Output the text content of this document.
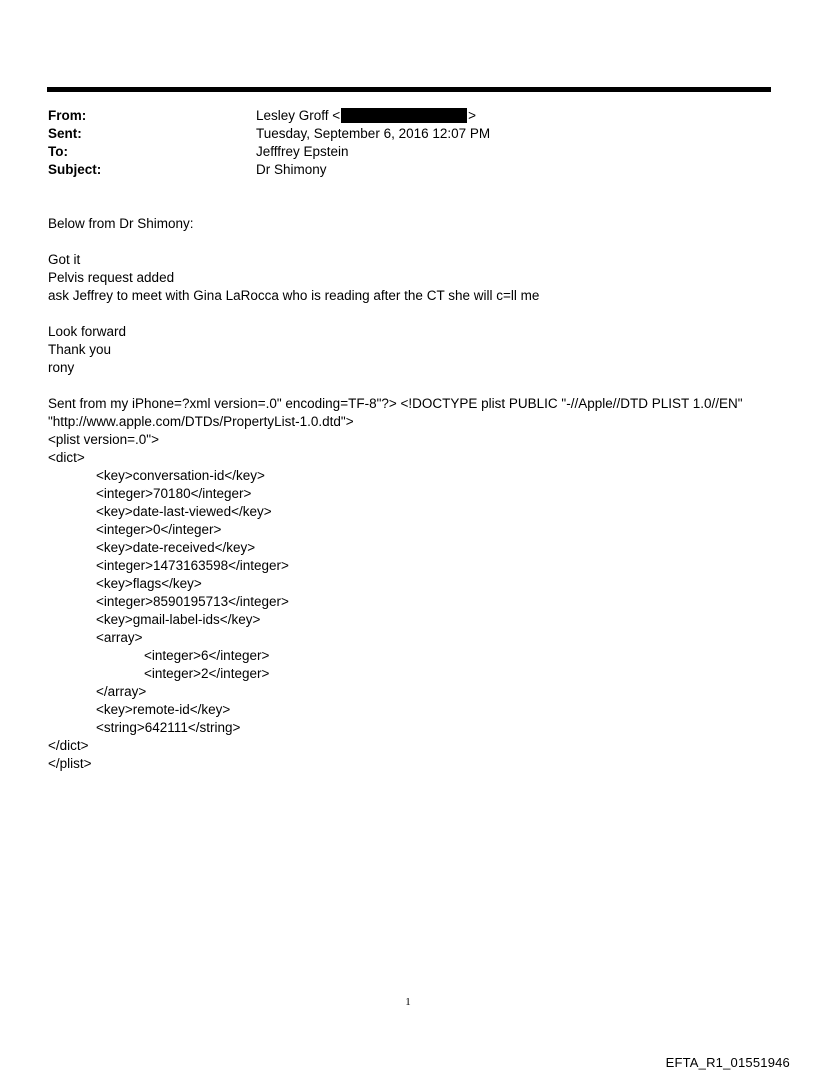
From:	Lesley Groff <	>
Sent:	Tuesday, September 6, 2016 12:07 PM
To:	Jefffrey Epstein
Subject:	Dr Shimony
Below from Dr Shimony:
Got it
Pelvis request added
ask Jeffrey to meet with Gina LaRocca who is reading after the CT she will c=ll me
Look forward
Thank you
rony
Sent from my iPhone=?xml version=.0" encoding=TF-8"?> <!DOCTYPE plist PUBLIC "-//Apple//DTD PLIST 1.0//EN"
"http://www.apple.com/DTDs/PropertyList-1.0.dtd">
<plist version=.0">
<dict>
<key>conversation-id</key>
<integer>70180</integer>
<key>date-last-viewed</key>
<integer>0</integer>
<key>date-received</key>
<integer>1473163598</integer>
<key>flags</key>
<integer>8590195713</integer>
<key>gmail-label-ids</key>
<array>
<integer>6</integer>
<integer>2</integer>
</array>
<key>remote-id</key>
<string>642111</string>
</dict>
</plist>
1
EFTA_R1_01551946
